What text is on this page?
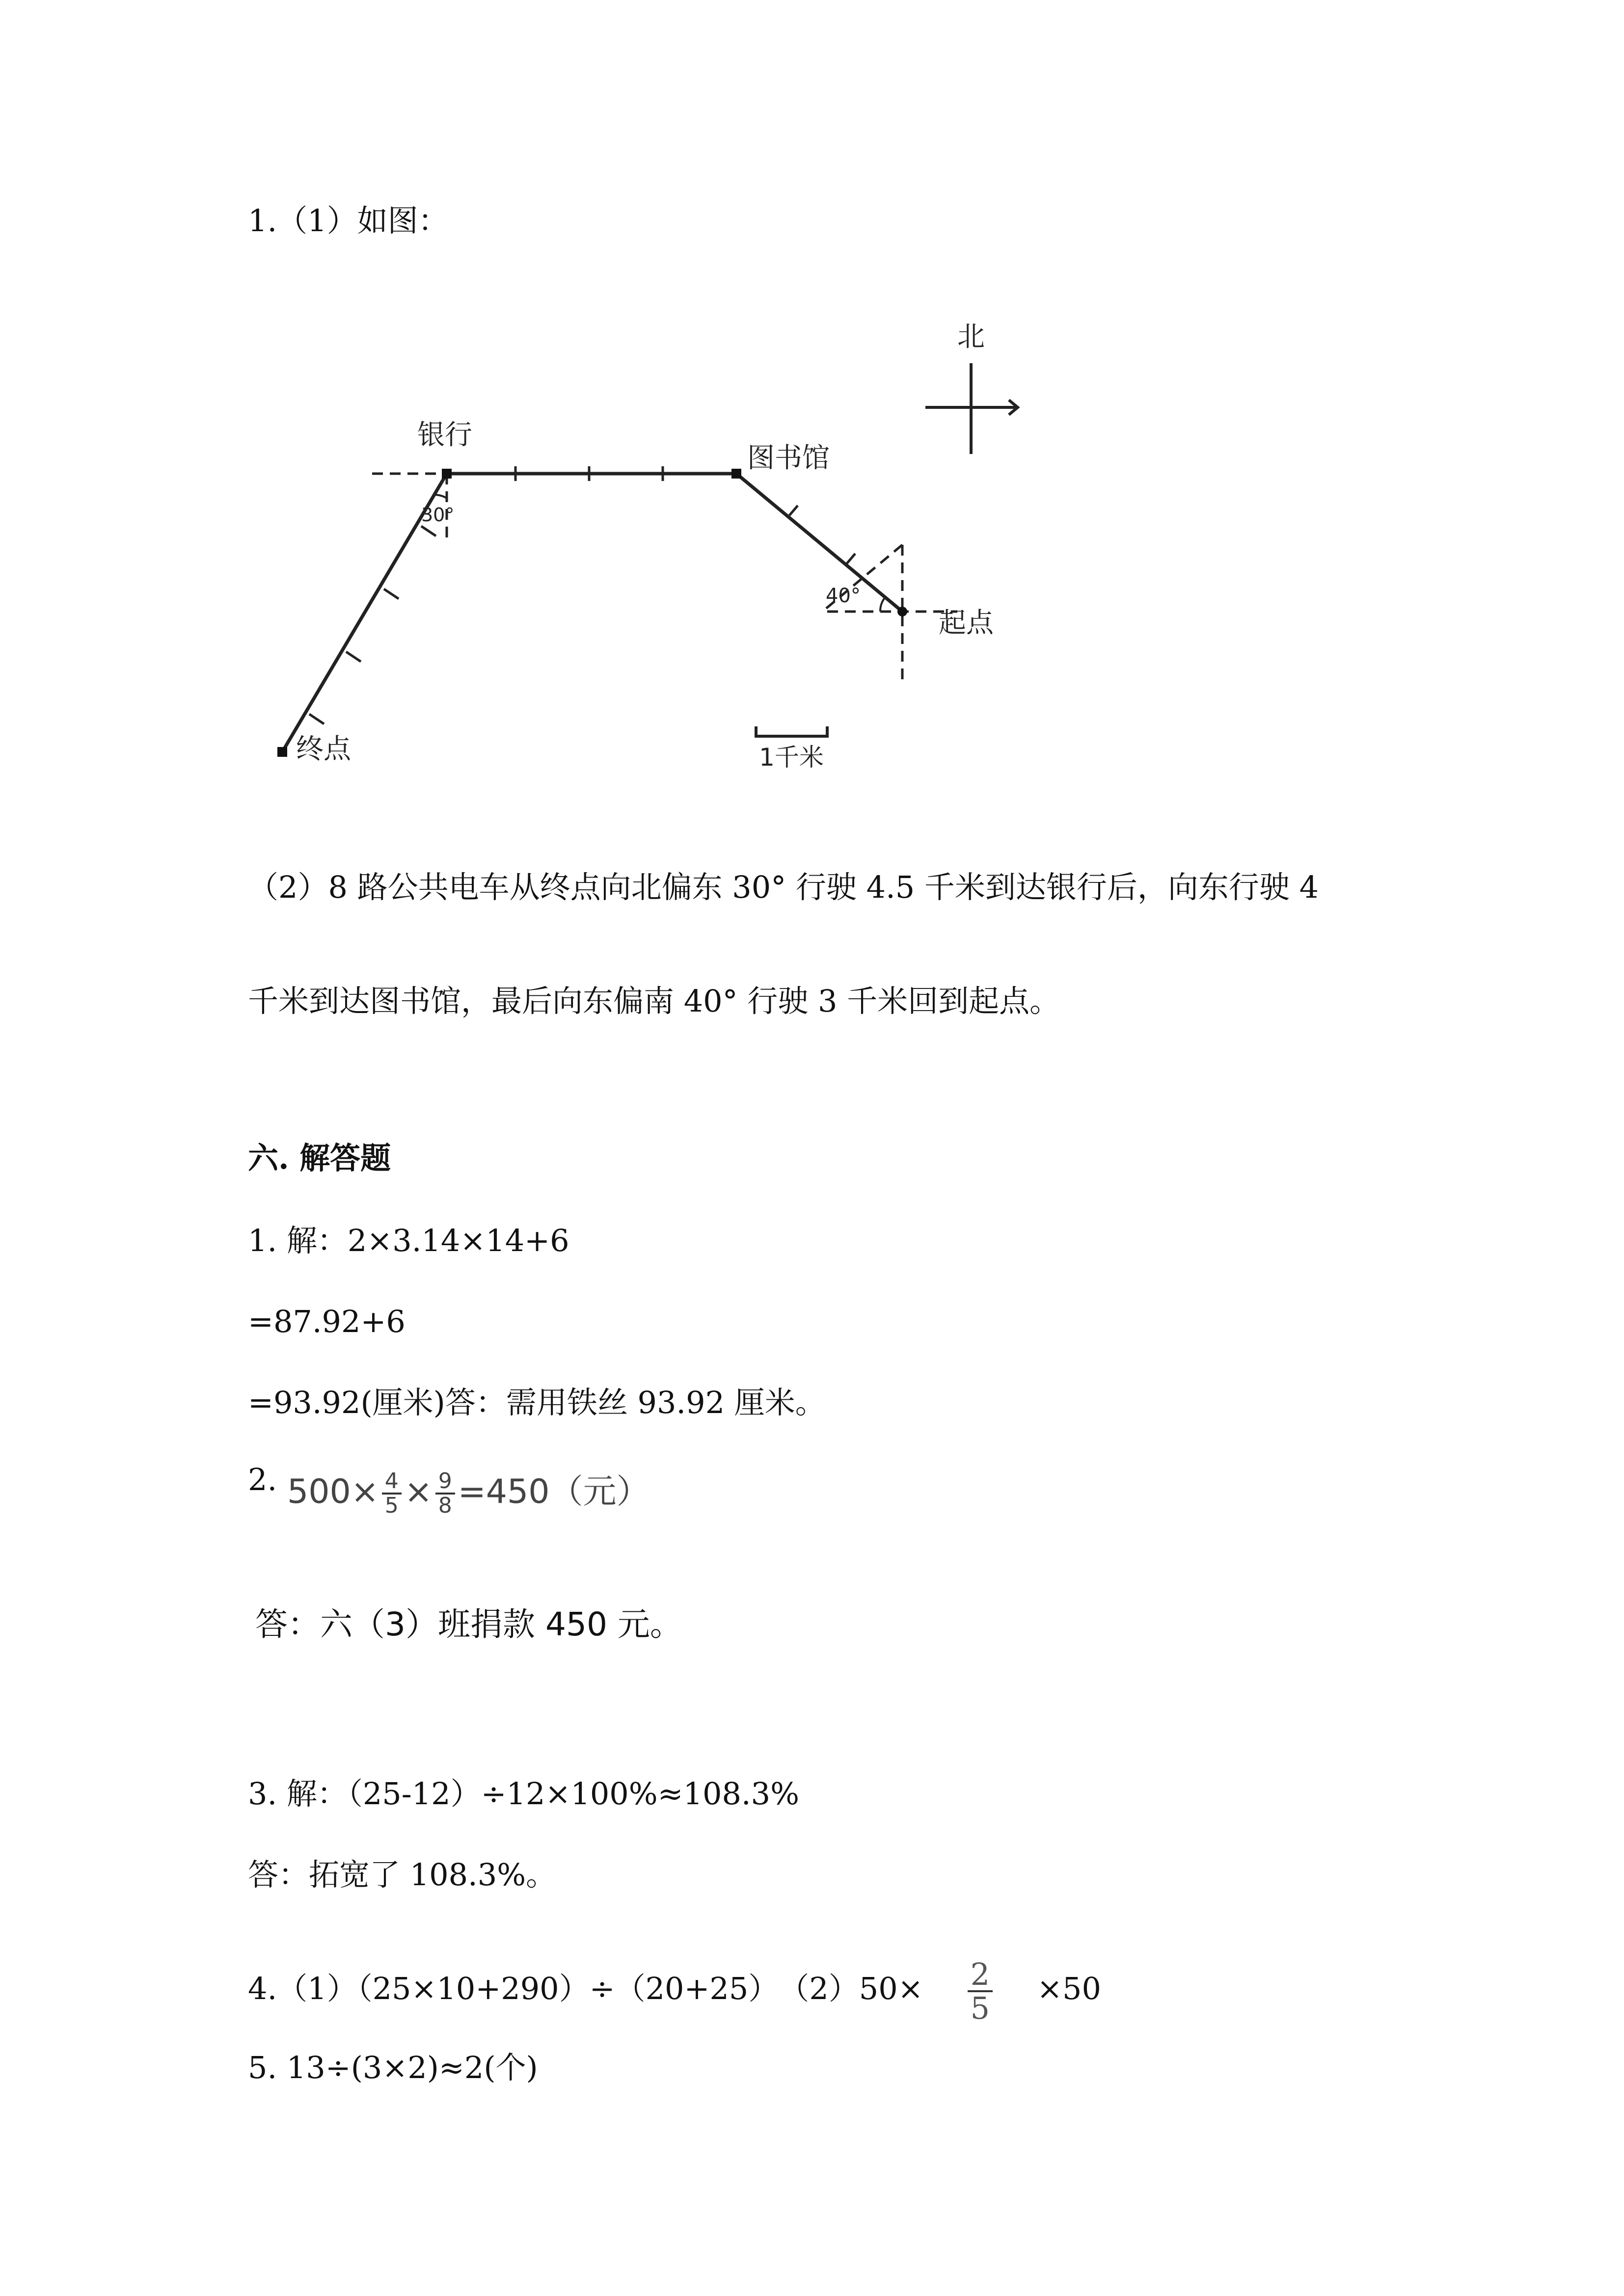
1.（1）如图：
北
银行
图书馆
起点
终点
30°
40°
1千米
（2）8 路公共电车从终点向北偏东 30° 行驶 4.5 千米到达银行后，向东行驶 4
千米到达图书馆，最后向东偏南 40° 行驶 3 千米回到起点。
六. 解答题
1. 解：2×3.14×14+6
=87.92+6
=93.92(厘米)答：需用铁丝 93.92 厘米。
2. $500\times \frac{4}{5} \times \frac{9}{8} =450$（元）
答：六（3）班捐款 450 元。
3. 解：（25-12）÷12×100%≈108.3%
答：拓宽了 108.3%。
4.（1）（25×10+290）÷（20+25）　$(2)50\times \frac{2}{5} \times 50$
5. 13÷(3×2)≈2(个)
